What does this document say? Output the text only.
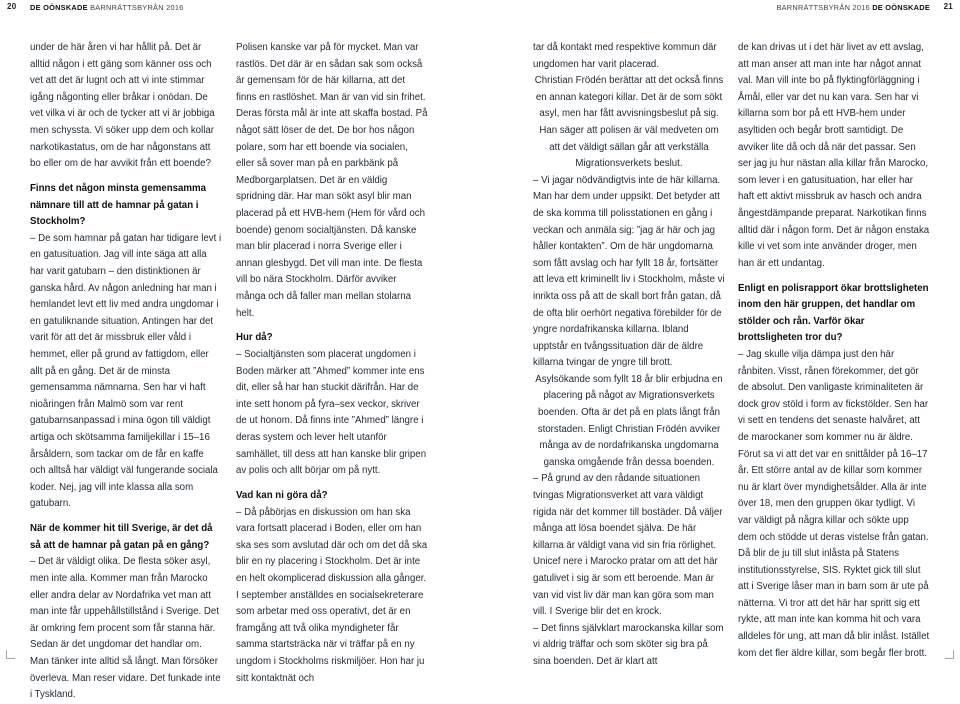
20 DE OÖNSKADE BARNRÄTTSBYRÅN 2016	BARNRÄTTSBYRÅN 2016 DE OÖNSKADE 21

under de här åren vi har hållit på. Det är alltid någon i ett gäng som känner oss och vet att det är lugnt och att vi inte stimmar igång någonting eller bråkar i onödan. De vet vilka vi är och de tycker att vi är jobbiga men schyssta. Vi söker upp dem och kollar narkotikastatus, om de har någonstans att bo eller om de har avvikit från ett boende?

Finns det någon minsta gemensamma nämnare till att de hamnar på gatan i Stockholm?

– De som hamnar på gatan har tidigare levt i en gatusituation. Jag vill inte säga att alla har varit gatubarn – den distinktionen är ganska hård. Av någon anledning har man i hemlandet levt ett liv med andra ungdomar i en gatuliknande situation. Antingen har det varit för att det är missbruk eller våld i hemmet, eller på grund av fattigdom, eller allt på en gång. Det är de minsta gemensamma nämnarna. Sen har vi haft nioåringen från Malmö som var rent gatubarnsanpassad i mina ögon till väldigt artiga och skötsamma familjekillar i 15–16 årsåldern, som tackar om de får en kaffe och alltså har väldigt väl fungerande sociala koder. Nej, jag vill inte klassa alla som gatubarn.

När de kommer hit till Sverige, är det då så att de hamnar på gatan på en gång?

– Det är väldigt olika. De flesta söker asyl, men inte alla. Kommer man från Marocko eller andra delar av Nordafrika vet man att man inte får uppehållstillstånd i Sverige. Det är omkring fem procent som får stanna här. Sedan är det ungdomar det handlar om. Man tänker inte alltid så långt. Man försöker överleva. Man reser vidare. Det funkade inte i Tyskland.

Polisen kanske var på för mycket. Man var rastlös. Det där är en sådan sak som också är gemensam för de här killarna, att det finns en rastlöshet. Man är van vid sin frihet. Deras första mål är inte att skaffa bostad. På något sätt löser de det. De bor hos någon polare, som har ett boende via socialen, eller så sover man på en parkbänk på Medborgarplatsen. Det är en väldig spridning där. Har man sökt asyl blir man placerad på ett HVB-hem (Hem för vård och boende) genom socialtjänsten. Då kanske man blir placerad i norra Sverige eller i annan glesbygd. Det vill man inte. De flesta vill bo nära Stockholm. Därför avviker många och då faller man mellan stolarna helt.

Hur då?

– Socialtjänsten som placerat ungdomen i Boden märker att ”Ahmed” kommer inte ens dit, eller så har han stuckit därifrån. Har de inte sett honom på fyra–sex veckor, skriver de ut honom. Då finns inte ”Ahmed” längre i deras system och lever helt utanför samhället, till dess att han kanske blir gripen av polis och allt börjar om på nytt.

Vad kan ni göra då?

– Då påbörjas en diskussion om han ska vara fortsatt placerad i Boden, eller om han ska ses som avslutad där och om det då ska blir en ny placering i Stockholm. Det är inte en helt okomplicerad diskussion alla gånger. I september anställdes en socialsekreterare som arbetar med oss operativt, det är en framgång att två olika myndigheter får samma startsträcka när vi träffar på en ny ungdom i Stockholms riskmiljöer. Hon har ju sitt kontaktnät och

tar då kontakt med respektive kommun där ungdomen har varit placerad.

Christian Frödén berättar att det också finns en annan kategori killar. Det är de som sökt asyl, men har fått avvisningsbeslut på sig. Han säger att polisen är väl medveten om att det väldigt sällan går att verkställa Migrationsverkets beslut.

– Vi jagar nödvändigtvis inte de här killarna. Man har dem under uppsikt. Det betyder att de ska komma till polisstationen en gång i veckan och anmäla sig: ”jag är här och jag håller kontakten”. Om de här ungdomarna som fått avslag och har fyllt 18 år, fortsätter att leva ett kriminellt liv i Stockholm, måste vi inrikta oss på att de skall bort från gatan, då de ofta blir oerhört negativa förebilder för de yngre nordafrikanska killarna. Ibland upptstår en tvångssituation där de äldre killarna tvingar de yngre till brott.

Asylsökande som fyllt 18 år blir erbjudna en placering på något av Migrationsverkets boenden. Ofta är det på en plats långt från storstaden. Enligt Christian Frödén avviker många av de nordafrikanska ungdomarna ganska omgående från dessa boenden.

– På grund av den rådande situationen tvingas Migrationsverket att vara väldigt rigida när det kommer till bostäder. Då väljer många att lösa boendet själva. De här killarna är väldigt vana vid sin fria rörlighet. Unicef nere i Marocko pratar om att det här gatulivet i sig är som ett beroende. Man är van vid vist liv där man kan göra som man vill. I Sverige blir det en krock.

– Det finns självklart marockanska killar som vi aldrig träffar och som sköter sig bra på sina boenden. Det är klart att

de kan drivas ut i det här livet av ett avslag, att man anser att man inte har något annat val. Man vill inte bo på flyktingförläggning i Åmål, eller var det nu kan vara. Sen har vi killarna som bor på ett HVB-hem under asyltiden och begår brott samtidigt. De avviker lite då och då när det passar. Sen ser jag ju hur nästan alla killar från Marocko, som lever i en gatusituation, har eller har haft ett aktivt missbruk av hasch och andra ångestdämpande preparat. Narkotikan finns alltid där i någon form. Det är någon enstaka kille vi vet som inte använder droger, men han är ett undantag.

Enligt en polisrapport ökar brottsligheten inom den här gruppen, det handlar om stölder och rån. Varför ökar brottsligheten tror du?

– Jag skulle vilja dämpa just den här rånbiten. Visst, rånen förekommer, det gör de absolut. Den vanligaste kriminaliteten är dock grov stöld i form av fickstölder. Sen har vi sett en tendens det senaste halvåret, att de marockaner som kommer nu är äldre. Förut sa vi att det var en snittålder på 16–17 år. Ett större antal av de killar som kommer nu är klart över myndighetsålder. Alla är inte över 18, men den gruppen ökar tydligt. Vi var väldigt på några killar och sökte upp dem och stödde ut deras vistelse från gatan. Då blir de ju till slut inlåsta på Statens institutionsstyrelse, SIS. Ryktet gick till slut att i Sverige låser man in barn som är ute på nätterna. Vi tror att det här har spritt sig ett rykte, att man inte kan komma hit och vara alldeles för ung, att man då blir inlåst. Istället kom det fler äldre killar, som begår fler brott.
